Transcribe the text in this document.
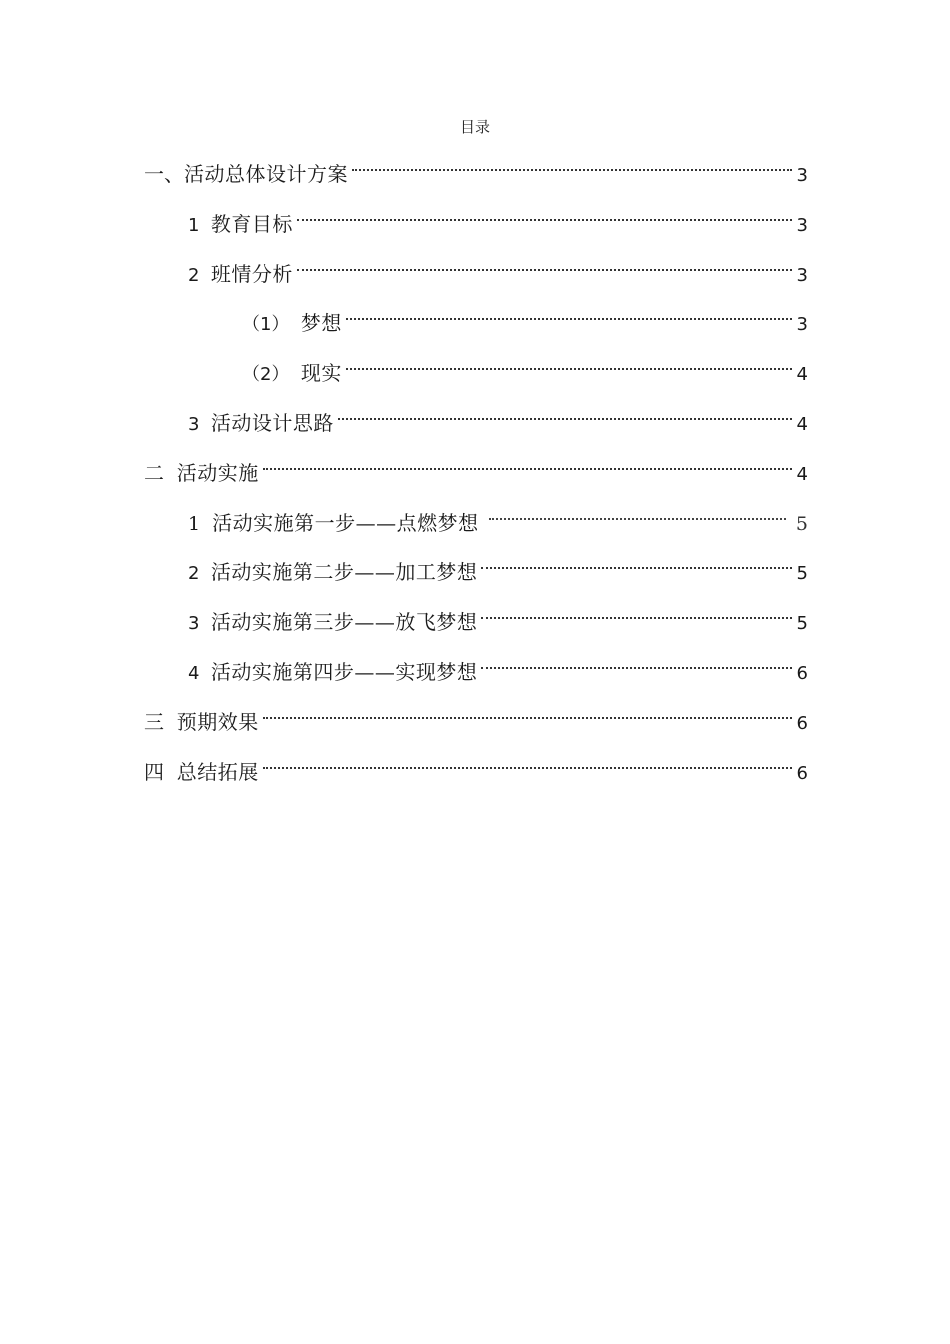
目录
一、 活动总体设计方案	3
1 教育目标	3
2 班情分析	3
（1） 梦想	3
（2） 现实	4
3 活动设计思路	4
二 活动实施	4
1 活动实施第一步——点燃梦想	5
2 活动实施第二步——加工梦想	5
3 活动实施第三步——放飞梦想	5
4 活动实施第四步——实现梦想	6
三 预期效果	6
四 总结拓展	6
